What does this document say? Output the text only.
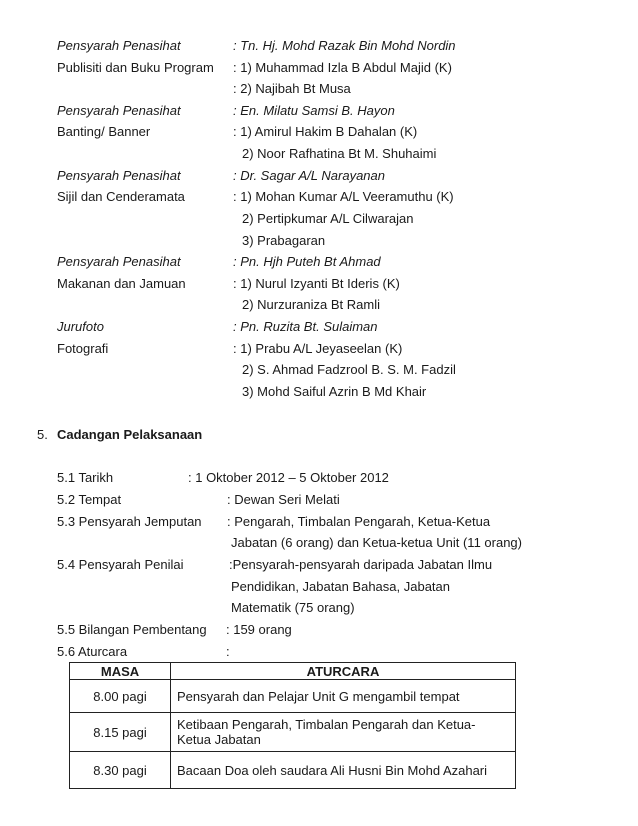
Pensyarah Penasihat	: Tn. Hj. Mohd Razak Bin Mohd Nordin
Publisiti dan Buku Program : 1) Muhammad Izla B Abdul Majid (K)
: 2) Najibah Bt Musa
Pensyarah Penasihat	: En. Milatu Samsi B. Hayon
Banting/ Banner	: 1) Amirul Hakim B Dahalan (K)
2) Noor Rafhatina Bt M. Shuhaimi
Pensyarah Penasihat	: Dr. Sagar A/L Narayanan
Sijil dan Cenderamata	: 1) Mohan Kumar A/L Veeramuthu (K)
2) Pertipkumar A/L Cilwarajan
3) Prabagaran
Pensyarah Penasihat	: Pn. Hjh Puteh Bt Ahmad
Makanan dan Jamuan	: 1) Nurul Izyanti Bt Ideris (K)
2) Nurzuraniza Bt Ramli
Jurufoto	: Pn. Ruzita Bt. Sulaiman
Fotografi	: 1) Prabu A/L Jeyaseelan (K)
2) S. Ahmad Fadzrool B. S. M. Fadzil
3) Mohd Saiful Azrin B Md Khair
5. Cadangan Pelaksanaan
5.1 Tarikh	: 1 Oktober 2012 – 5 Oktober 2012
5.2 Tempat	: Dewan Seri Melati
5.3 Pensyarah Jemputan : Pengarah, Timbalan Pengarah, Ketua-Ketua
Jabatan (6 orang) dan Ketua-ketua Unit (11 orang)
5.4 Pensyarah Penilai	:Pensyarah-pensyarah daripada Jabatan Ilmu
Pendidikan, Jabatan Bahasa, Jabatan
Matematik (75 orang)
5.5 Bilangan Pembentang : 159 orang
5.6 Aturcara	:
MASA	ATURCARA
8.00 pagi	Pensyarah dan Pelajar Unit G mengambil tempat
8.15 pagi	Ketibaan Pengarah, Timbalan Pengarah dan Ketua-Ketua Jabatan
8.30 pagi	Bacaan Doa oleh saudara Ali Husni Bin Mohd Azahari
